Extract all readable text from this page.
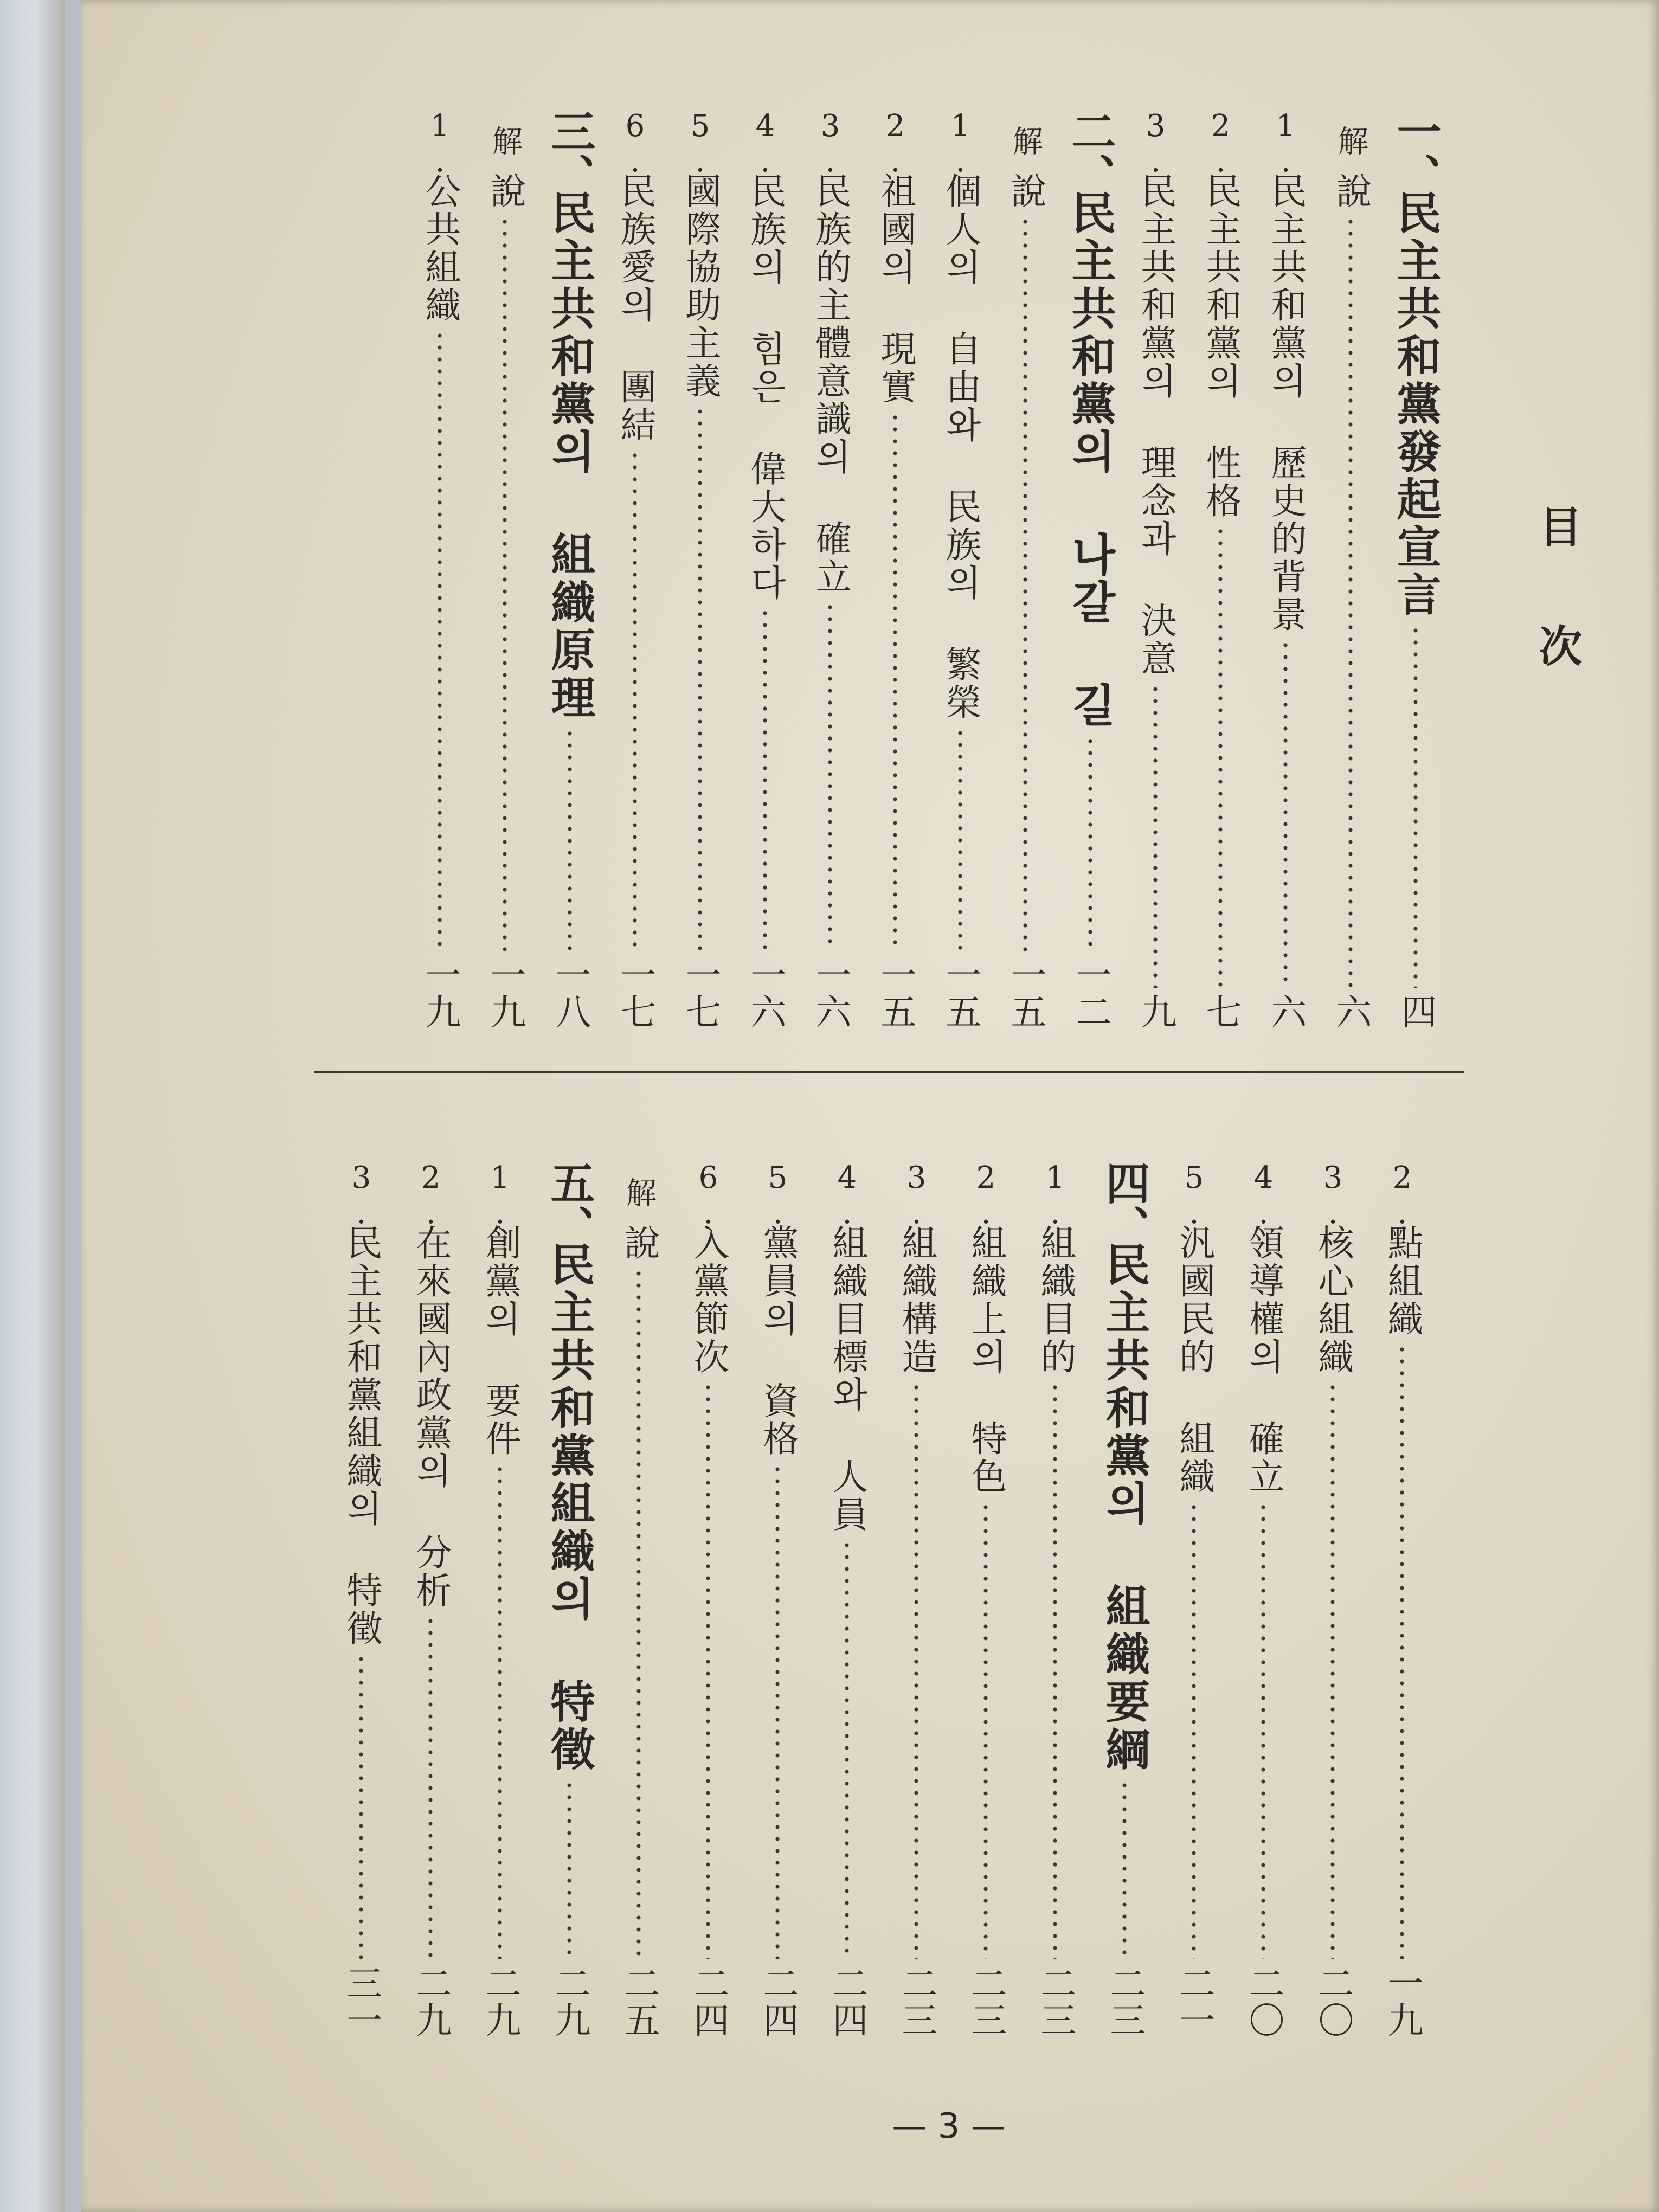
目次
一、
民主共和黨發起宣言
四
解
說
六
1.
民主共和黨의 歷史的背景
六
2.
民主共和黨의 性格
七
3.
民主共和黨의 理念과 決意
九
二、
民主共和黨의 나갈 길
一二
解
說
一五
1.
個人의 自由와 民族의 繁榮
一五
2.
祖國의 現實
一五
3.
民族的主體意識의 確立
一六
4.
民族의 힘은 偉大하다
一六
5.
國際協助主義
一七
6.
民族愛의 團結
一七
三、
民主共和黨의 組織原理
一八
解
說
一九
1.
公共組織
一九
2.
點組織
一九
3.
核心組織
二〇
4.
領導權의 確立
二〇
5.
汎國民的 組織
二一
四、
民主共和黨의 組織要綱
二三
1.
組織目的
二三
2.
組織上의 特色
二三
3.
組織構造
二三
4.
組織目標와 人員
二四
5.
黨員의 資格
二四
6.
入黨節次
二四
解
說
二五
五、
民主共和黨組織의 特徵
二九
1.
創黨의 要件
二九
2.
在來國內政黨의 分析
二九
3.
民主共和黨組織의 特徵
三一
— 3 —
